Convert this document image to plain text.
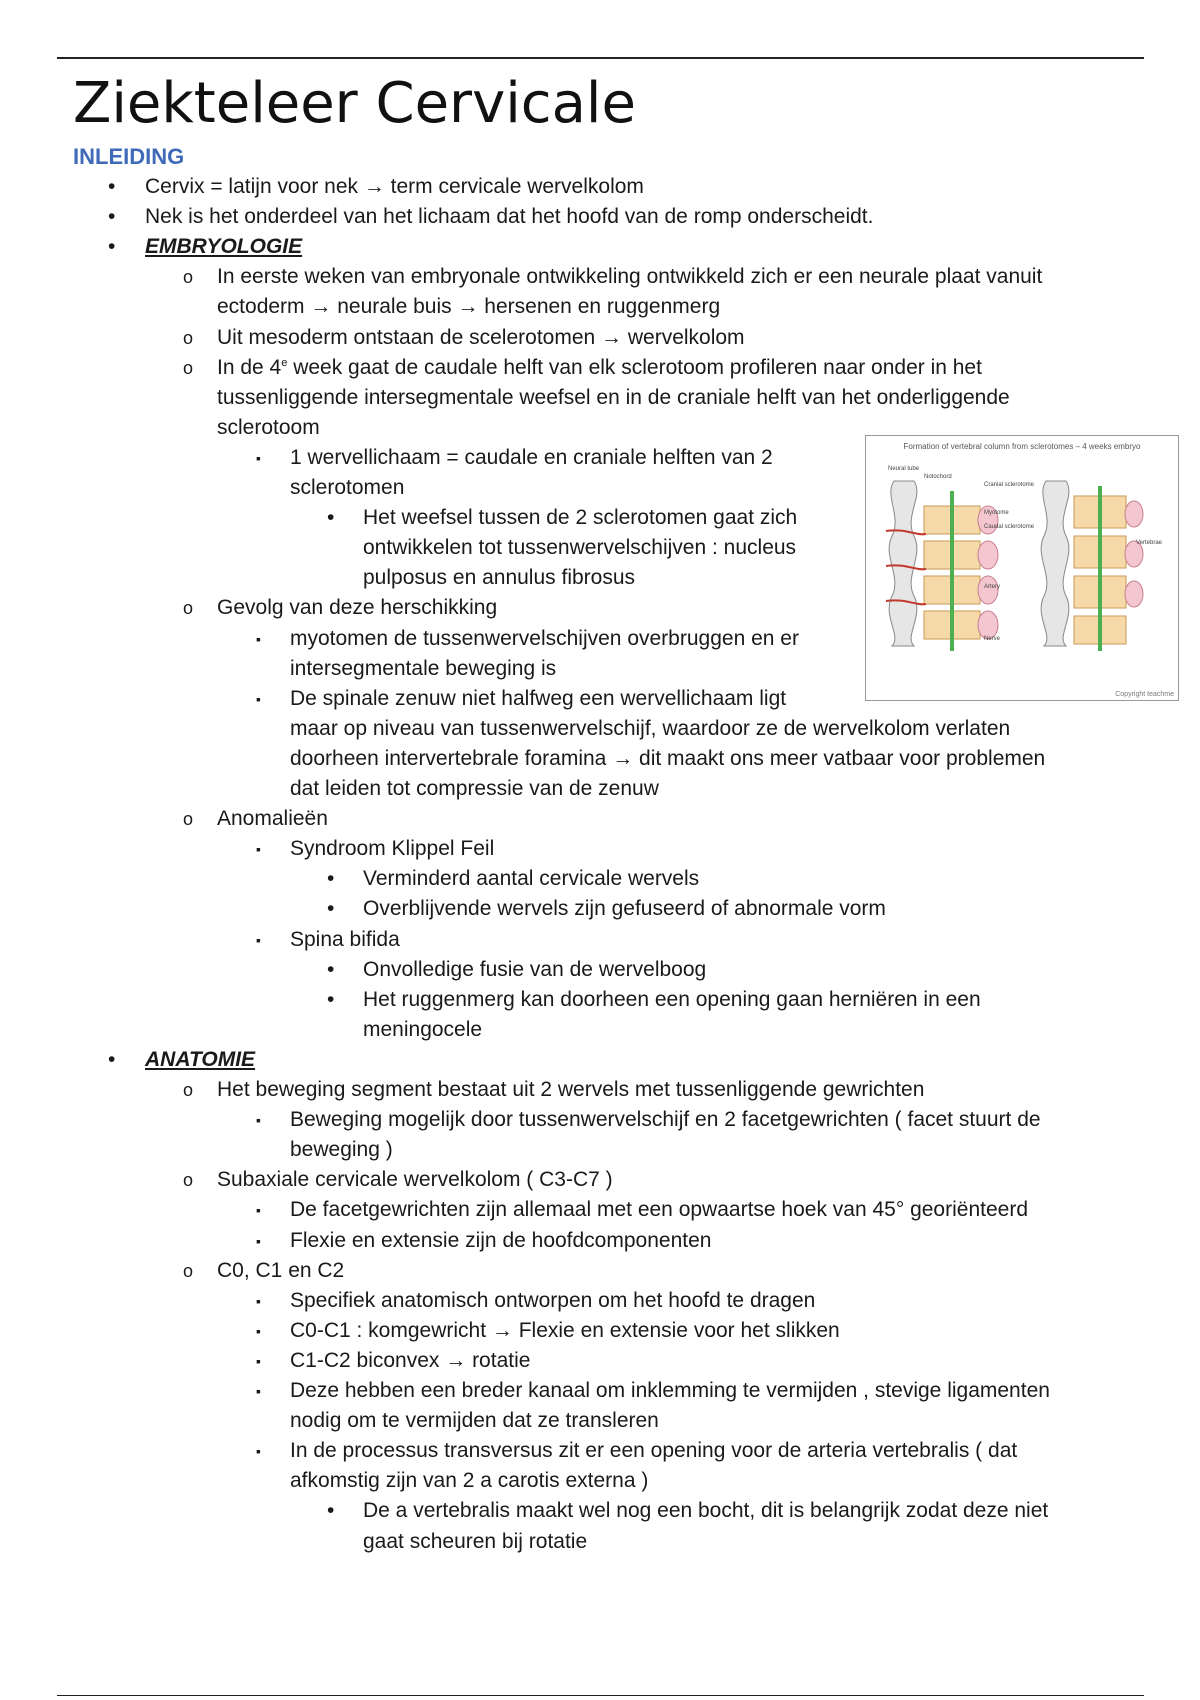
Ziekteleer Cervicale
INLEIDING
• Cervix = latijn voor nek → term cervicale wervelkolom
• Nek is het onderdeel van het lichaam dat het hoofd van de romp onderscheidt.
• EMBRYOLOGIE
o In eerste weken van embryonale ontwikkeling ontwikkeld zich er een neurale plaat vanuit
ectoderm → neurale buis → hersenen en ruggenmerg
o Uit mesoderm ontstaan de scelerotomen → wervelkolom
o In de 4e week gaat de caudale helft van elk sclerotoom profileren naar onder in het
tussenliggende intersegmentale weefsel en in de craniale helft van het onderliggende
sclerotoom
▪ 1 wervellichaam = caudale en craniale helften van 2
sclerotomen
• Het weefsel tussen de 2 sclerotomen gaat zich
ontwikkelen tot tussenwervelschijven : nucleus
pulposus en annulus fibrosus
o Gevolg van deze herschikking
▪ myotomen de tussenwervelschijven overbruggen en er
intersegmentale beweging is
▪ De spinale zenuw niet halfweg een wervellichaam ligt
maar op niveau van tussenwervelschijf, waardoor ze de wervelkolom verlaten
doorheen intervertebrale foramina → dit maakt ons meer vatbaar voor problemen
dat leiden tot compressie van de zenuw
o Anomalieën
▪ Syndroom Klippel Feil
• Verminderd aantal cervicale wervels
• Overblijvende wervels zijn gefuseerd of abnormale vorm
▪ Spina bifida
• Onvolledige fusie van de wervelboog
• Het ruggenmerg kan doorheen een opening gaan herniëren in een
meningocele
• ANATOMIE
o Het beweging segment bestaat uit 2 wervels met tussenliggende gewrichten
▪ Beweging mogelijk door tussenwervelschijf en 2 facetgewrichten ( facet stuurt de
beweging )
o Subaxiale cervicale wervelkolom ( C3-C7 )
▪ De facetgewrichten zijn allemaal met een opwaartse hoek van 45° georiënteerd
▪ Flexie en extensie zijn de hoofdcomponenten
o C0, C1 en C2
▪ Specifiek anatomisch ontworpen om het hoofd te dragen
▪ C0-C1 : komgewricht → Flexie en extensie voor het slikken
▪ C1-C2 biconvex → rotatie
▪ Deze hebben een breder kanaal om inklemming te vermijden , stevige ligamenten
nodig om te vermijden dat ze transleren
▪ In de processus transversus zit er een opening voor de arteria vertebralis ( dat
afkomstig zijn van 2 a carotis externa )
• De a vertebralis maakt wel nog een bocht, dit is belangrijk zodat deze niet
gaat scheuren bij rotatie
Formation of vertebral column from sclerotomes – 4 weeks embryo
Neural tube
Notochord
Cranial sclerotome
Myotome
Caudal sclerotome
Artery
Nerve
Vertebrae
Copyright teachme
